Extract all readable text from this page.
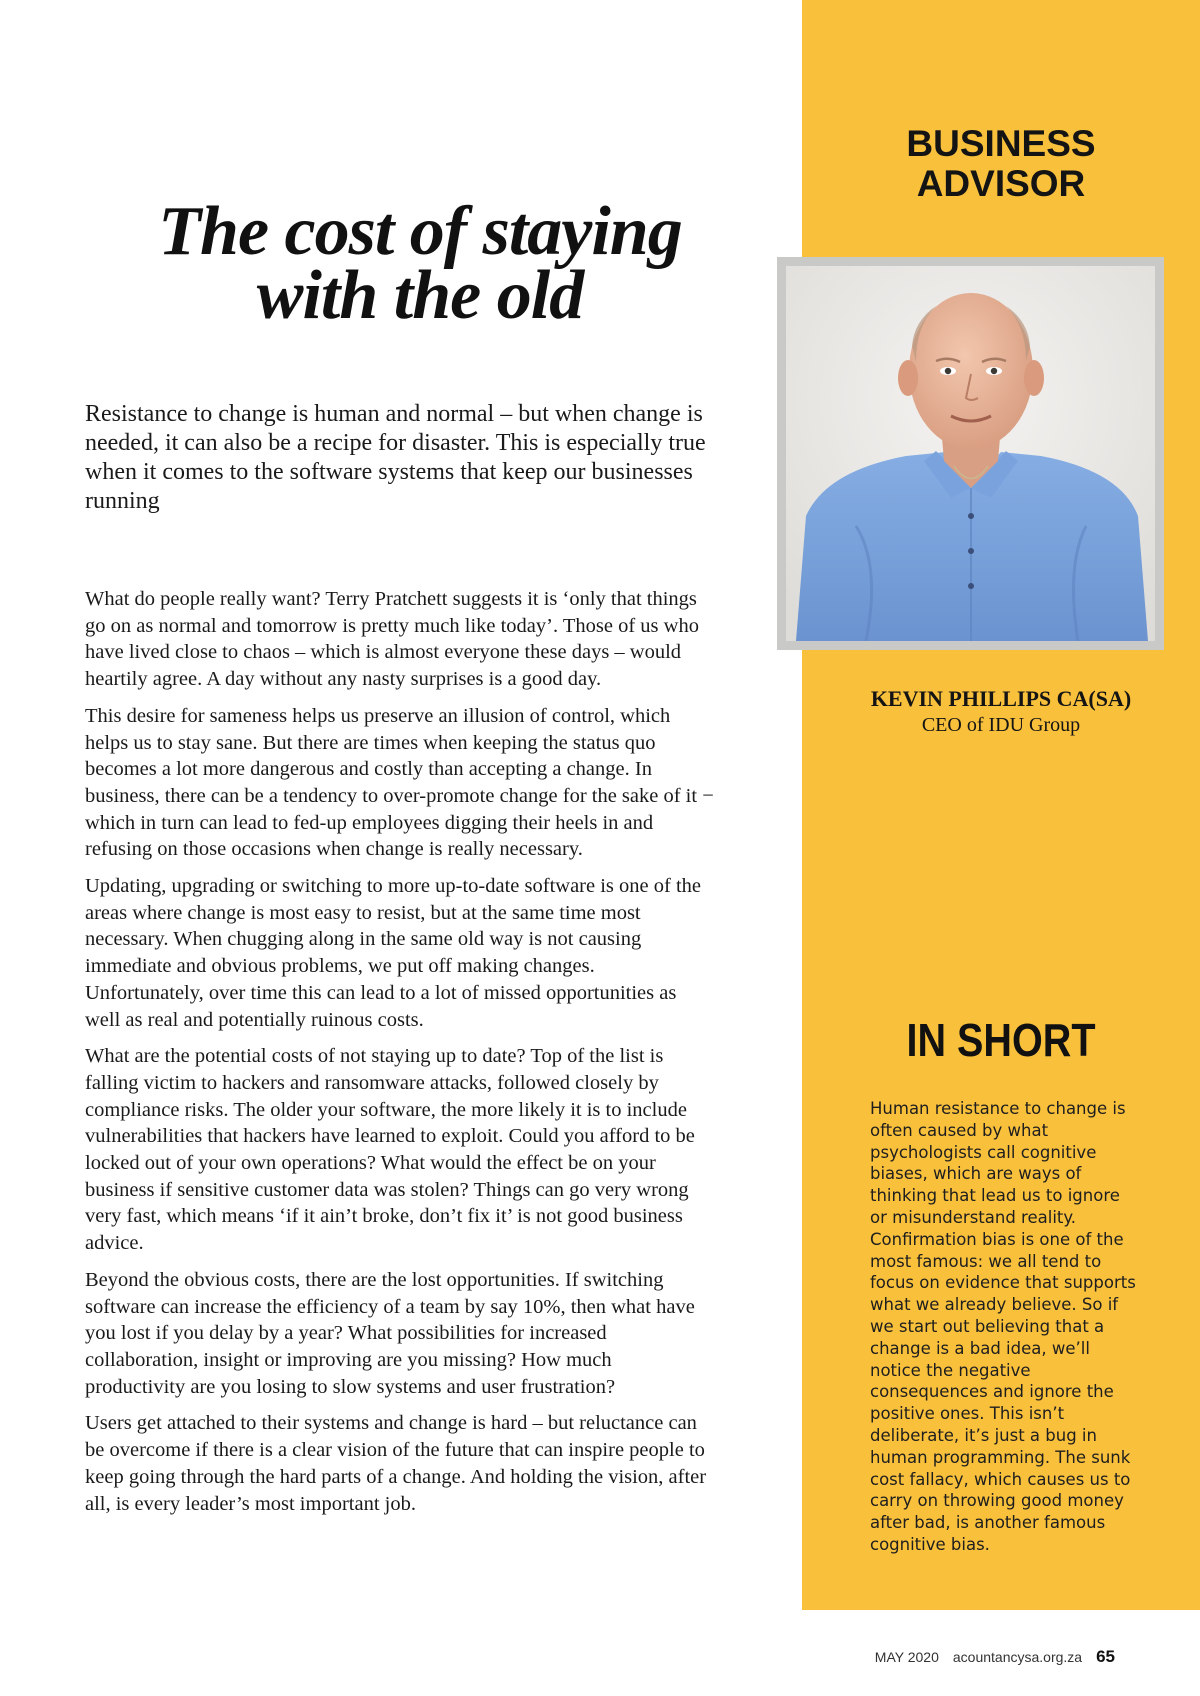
The cost of staying
with the old

Resistance to change is human and normal – but when change is needed, it can also be a recipe for disaster. This is especially true when it comes to the software systems that keep our businesses running

What do people really want? Terry Pratchett suggests it is ‘only that things go on as normal and tomorrow is pretty much like today’. Those of us who have lived close to chaos – which is almost everyone these days – would heartily agree. A day without any nasty surprises is a good day.

This desire for sameness helps us preserve an illusion of control, which helps us to stay sane. But there are times when keeping the status quo becomes a lot more dangerous and costly than accepting a change. In business, there can be a tendency to over-promote change for the sake of it − which in turn can lead to fed-up employees digging their heels in and refusing on those occasions when change is really necessary.

Updating, upgrading or switching to more up-to-date software is one of the areas where change is most easy to resist, but at the same time most necessary. When chugging along in the same old way is not causing immediate and obvious problems, we put off making changes. Unfortunately, over time this can lead to a lot of missed opportunities as well as real and potentially ruinous costs.

What are the potential costs of not staying up to date? Top of the list is falling victim to hackers and ransomware attacks, followed closely by compliance risks. The older your software, the more likely it is to include vulnerabilities that hackers have learned to exploit. Could you afford to be locked out of your own operations? What would the effect be on your business if sensitive customer data was stolen? Things can go very wrong very fast, which means ‘if it ain’t broke, don’t fix it’ is not good business advice.

Beyond the obvious costs, there are the lost opportunities. If switching software can increase the efficiency of a team by say 10%, then what have you lost if you delay by a year? What possibilities for increased collaboration, insight or improving are you missing? How much productivity are you losing to slow systems and user frustration?

Users get attached to their systems and change is hard – but reluctance can be overcome if there is a clear vision of the future that can inspire people to keep going through the hard parts of a change. And holding the vision, after all, is every leader’s most important job.

BUSINESS
ADVISOR
KEVIN PHILLIPS CA(SA)
CEO of IDU Group
IN SHORT

Human resistance to change is often caused by what psychologists call cognitive biases, which are ways of thinking that lead us to ignore or misunderstand reality. Confirmation bias is one of the most famous: we all tend to focus on evidence that supports what we already believe. So if we start out believing that a change is a bad idea, we’ll notice the negative consequences and ignore the positive ones. This isn’t deliberate, it’s just a bug in human programming. The sunk cost fallacy, which causes us to carry on throwing good money after bad, is another famous cognitive bias.

MAY 2020 acountancysa.org.za 65
